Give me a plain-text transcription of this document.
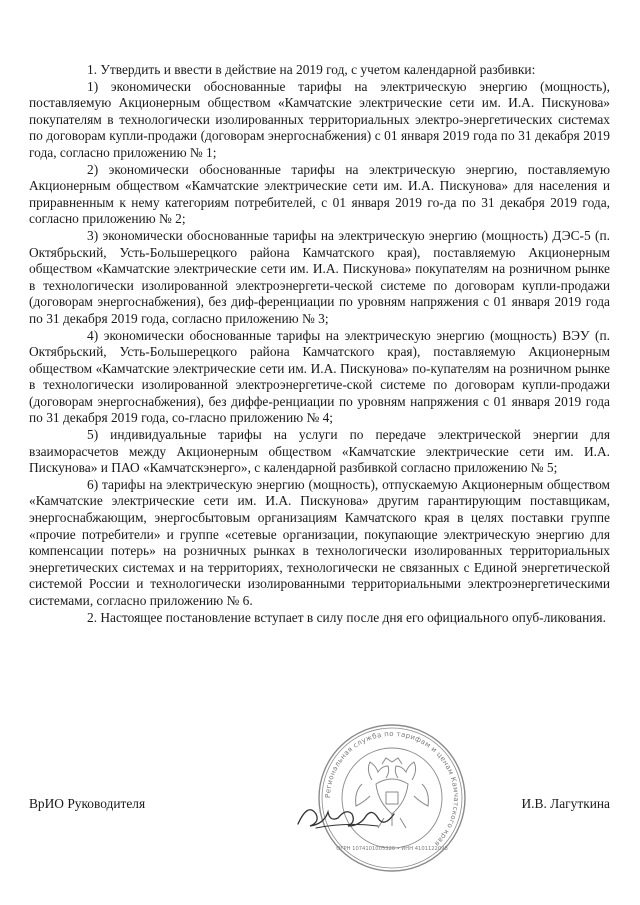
1. Утвердить и ввести в действие на 2019 год, с учетом календарной разбивки:

1) экономически обоснованные тарифы на электрическую энергию (мощность), поставляемую Акционерным обществом «Камчатские электрические сети им. И.А. Пискунова» покупателям в технологически изолированных территориальных электро-энергетических системах по договорам купли-продажи (договорам энергоснабжения) с 01 января 2019 года по 31 декабря 2019 года, согласно приложению № 1;

2) экономически обоснованные тарифы на электрическую энергию, поставляемую Акционерным обществом «Камчатские электрические сети им. И.А. Пискунова» для населения и приравненным к нему категориям потребителей, с 01 января 2019 го-да по 31 декабря 2019 года, согласно приложению № 2;

3) экономически обоснованные тарифы на электрическую энергию (мощность) ДЭС-5 (п. Октябрьский, Усть-Большерецкого района Камчатского края), поставляемую Акционерным обществом «Камчатские электрические сети им. И.А. Пискунова» покупателям на розничном рынке в технологически изолированной электроэнергети-ческой системе по договорам купли-продажи (договорам энергоснабжения), без диф-ференциации по уровням напряжения с 01 января 2019 года по 31 декабря 2019 года, согласно приложению № 3;

4) экономически обоснованные тарифы на электрическую энергию (мощность) ВЭУ (п. Октябрьский, Усть-Большерецкого района Камчатского края), поставляемую Акционерным обществом «Камчатские электрические сети им. И.А. Пискунова» по-купателям на розничном рынке в технологически изолированной электроэнергетиче-ской системе по договорам купли-продажи (договорам энергоснабжения), без диффе-ренциации по уровням напряжения с 01 января 2019 года по 31 декабря 2019 года, со-гласно приложению № 4;

5) индивидуальные тарифы на услуги по передаче электрической энергии для взаиморасчетов между Акционерным обществом «Камчатские электрические сети им. И.А. Пискунова» и ПАО «Камчатскэнерго», с календарной разбивкой согласно приложению № 5;

6) тарифы на электрическую энергию (мощность), отпускаемую Акционерным обществом «Камчатские электрические сети им. И.А. Пискунова» другим гарантирующим поставщикам, энергоснабжающим, энергосбытовым организациям Камчатского края в целях поставки группе «прочие потребители» и группе «сетевые организации, покупающие электрическую энергию для компенсации потерь» на розничных рынках в технологически изолированных территориальных энергетических системах и на территориях, технологически не связанных с Единой энергетической системой России и технологически изолированными территориальными электроэнергетическими системами, согласно приложению № 6.

2. Настоящее постановление вступает в силу после дня его официального опуб-ликования.

Региональная служба по тарифам и ценам Камчатского края
ОГРН 1074101005320 • ИНН 4101122098
ВрИО Руководителя	И.В. Лагуткина
